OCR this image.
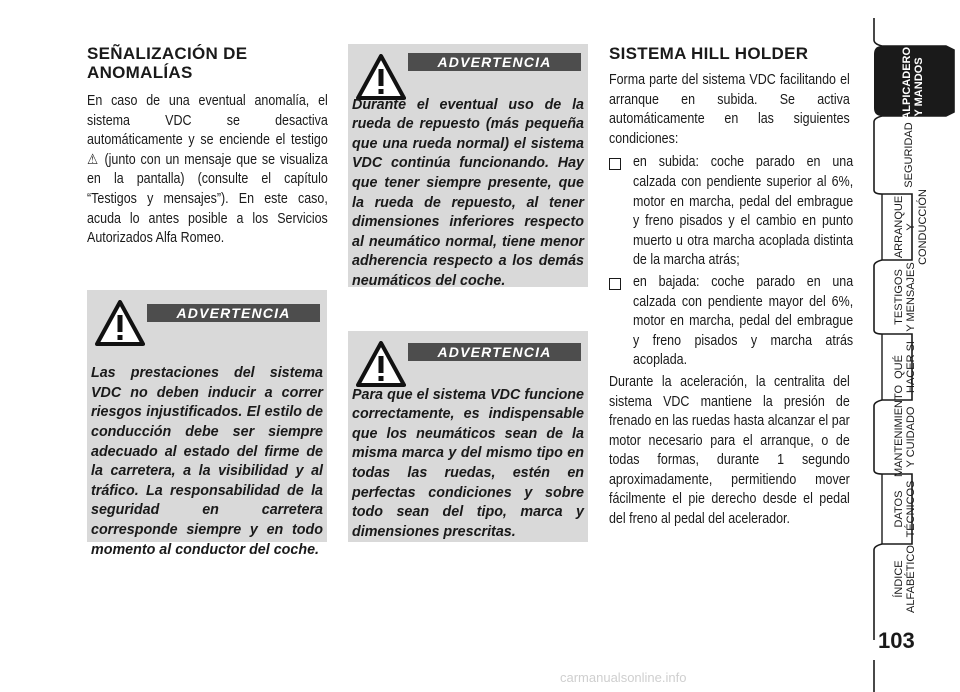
SEÑALIZACIÓN DE ANOMALÍAS
En caso de una eventual anomalía, el sistema VDC se desactiva automáticamente y se enciende el testigo ⚠ (junto con un mensaje que se visualiza en la pantalla) (consulte el capítulo “Testigos y mensajes”). En este caso, acuda lo antes posible a los Servicios Autorizados Alfa Romeo.
ADVERTENCIA

Las prestaciones del sistema VDC no deben inducir a correr riesgos injustificados. El estilo de conducción debe ser siempre adecuado al estado del firme de la carretera, a la visibilidad y al tráfico. La responsabilidad de la seguridad en carretera corresponde siempre y en todo momento al conductor del coche.

ADVERTENCIA

Durante el eventual uso de la rueda de repuesto (más pequeña que una rueda normal) el sistema VDC continúa funcionando. Hay que tener siempre presente, que la rueda de repuesto, al tener dimensiones inferiores respecto al neumático normal, tiene menor adherencia respecto a los demás neumáticos del coche.

ADVERTENCIA

Para que el sistema VDC funcione correctamente, es indispensable que los neumáticos sean de la misma marca y del mismo tipo en todas las ruedas, estén en perfectas condiciones y sobre todo sean del tipo, marca y dimensiones prescritas.

SISTEMA HILL HOLDER
Forma parte del sistema VDC facilitando el arranque en subida. Se activa automáticamente en las siguientes condiciones:
en subida: coche parado en una calzada con pendiente superior al 6%, motor en marcha, pedal del embrague y freno pisados y el cambio en punto muerto u otra marcha acoplada distinta de la marcha atrás;
en bajada: coche parado en una calzada con pendiente mayor del 6%, motor en marcha, pedal del embrague y freno pisados y marcha atrás acoplada.
Durante la aceleración, la centralita del sistema VDC mantiene la presión de frenado en las ruedas hasta alcanzar el par motor necesario para el arranque, o de todas formas, durante 1 segundo aproximadamente, permitiendo mover fácilmente el pie derecho desde el pedal del freno al pedal del acelerador.
SALPICADERO
Y MANDOS
SEGURIDAD
ARRANQUE
Y CONDUCCIÓN
TESTIGOS
Y MENSAJES
QUÉ
HACER SI
MANTENIMIENTO
Y CUIDADO
DATOS
TÉCNICOS
ÍNDICE
ALFABÉTICO
103
carmanualsonline.info
